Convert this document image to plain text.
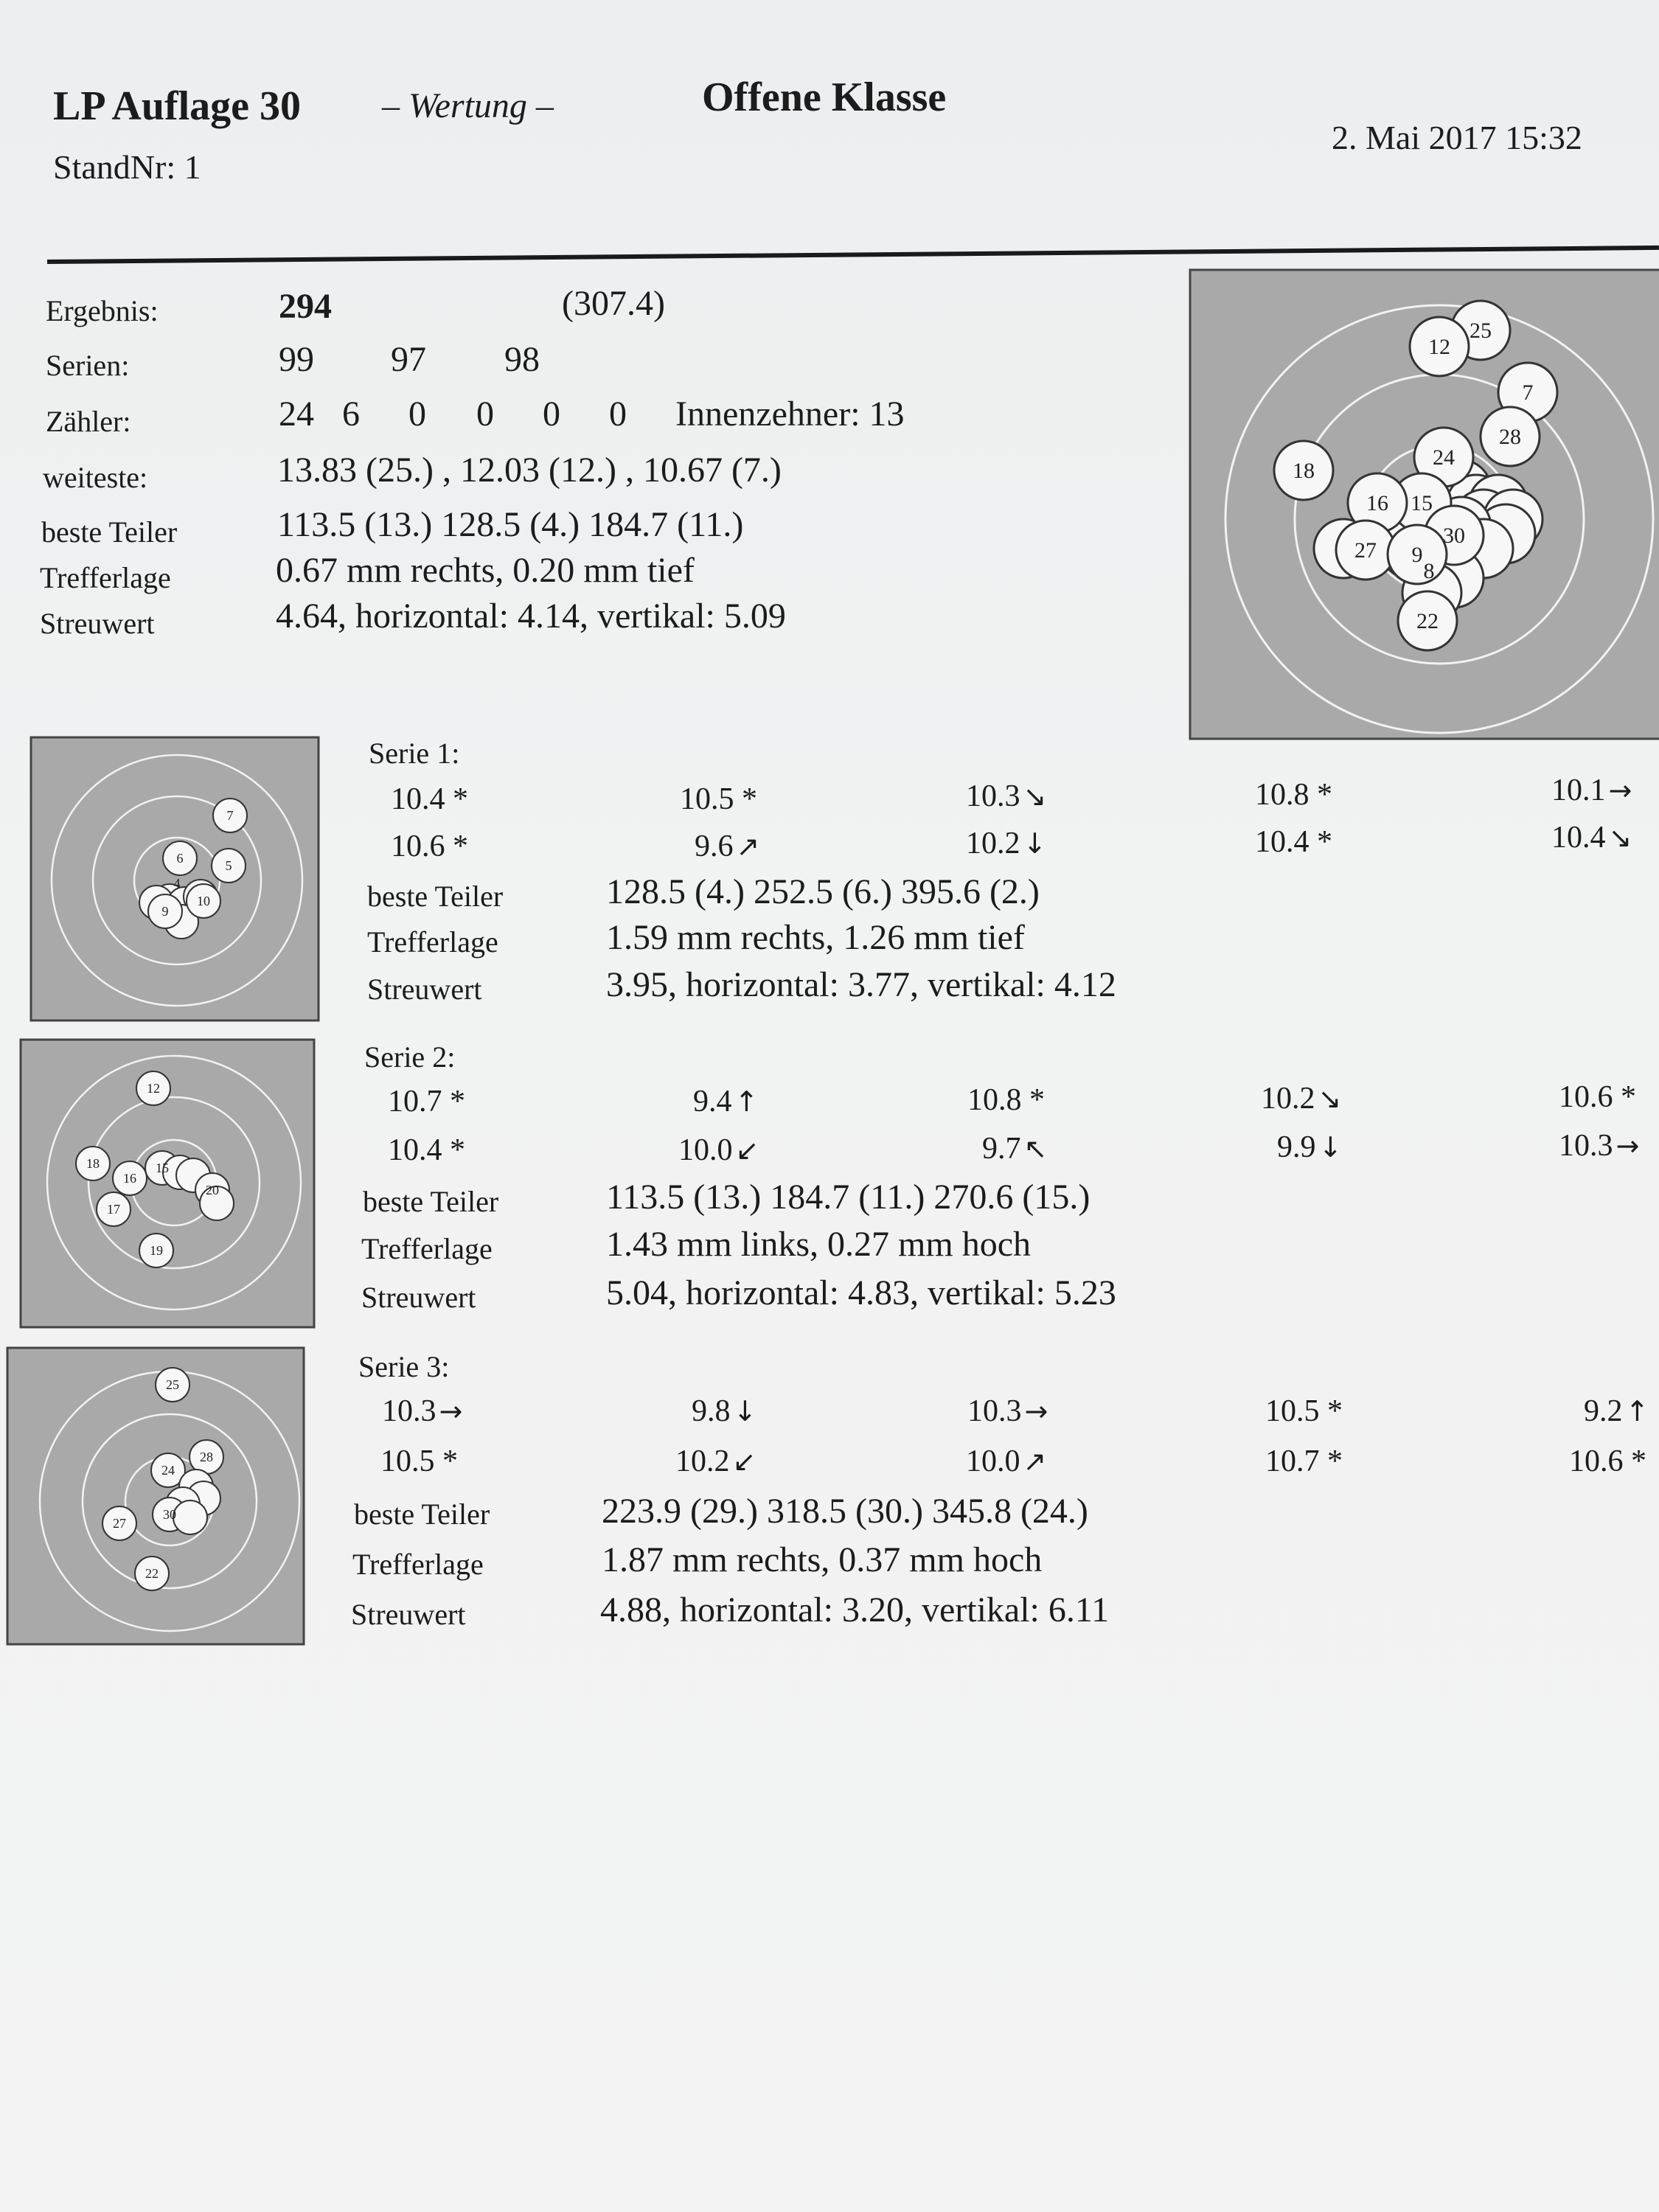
LP Auflage 30 – Wertung –	Offene Klasse
StandNr: 1
2. Mai 2017 15:32
Ergebnis:	294	(307.4)
Serien:	99 97 98
Zähler:	24 6 0 0 0 0 Innenzehner: 13
weiteste:	13.83 (25.) , 12.03 (12.) , 10.67 (7.)
beste Teiler	113.5 (13.) 128.5 (4.) 184.7 (11.)
Trefferlage	0.67 mm rechts, 0.20 mm tief
Streuwert	4.64, horizontal: 4.14, vertikal: 5.09
25
12
7
28
18
24
15
16
30
27 9
8
22
7
6	5
4
9
10
12
18	15
16
20
17
19
25
28
24
30
27
22
Serie 1:
10.4 *	10.5 *	10.3 ↘	10.8 *	10.1 →
10.6 *	9.6 ↗	10.2 ↓	10.4 *	10.4 ↘
beste Teiler	128.5 (4.) 252.5 (6.) 395.6 (2.)
Trefferlage	1.59 mm rechts, 1.26 mm tief
Streuwert	3.95, horizontal: 3.77, vertikal: 4.12
Serie 2:
10.7 *	9.4 ↑	10.8 *	10.2 ↘	10.6 *
10.4 *	10.0 ↙	9.7 ↖	9.9 ↓	10.3 →
beste Teiler	113.5 (13.) 184.7 (11.) 270.6 (15.)
Trefferlage	1.43 mm links, 0.27 mm hoch
Streuwert	5.04, horizontal: 4.83, vertikal: 5.23
Serie 3:
10.3 →	9.8 ↓	10.3 →	10.5 *	9.2 ↑
10.5 *	10.2 ↙	10.0 ↗	10.7 *	10.6 *
beste Teiler	223.9 (29.) 318.5 (30.) 345.8 (24.)
Trefferlage	1.87 mm rechts, 0.37 mm hoch
Streuwert	4.88, horizontal: 3.20, vertikal: 6.11
